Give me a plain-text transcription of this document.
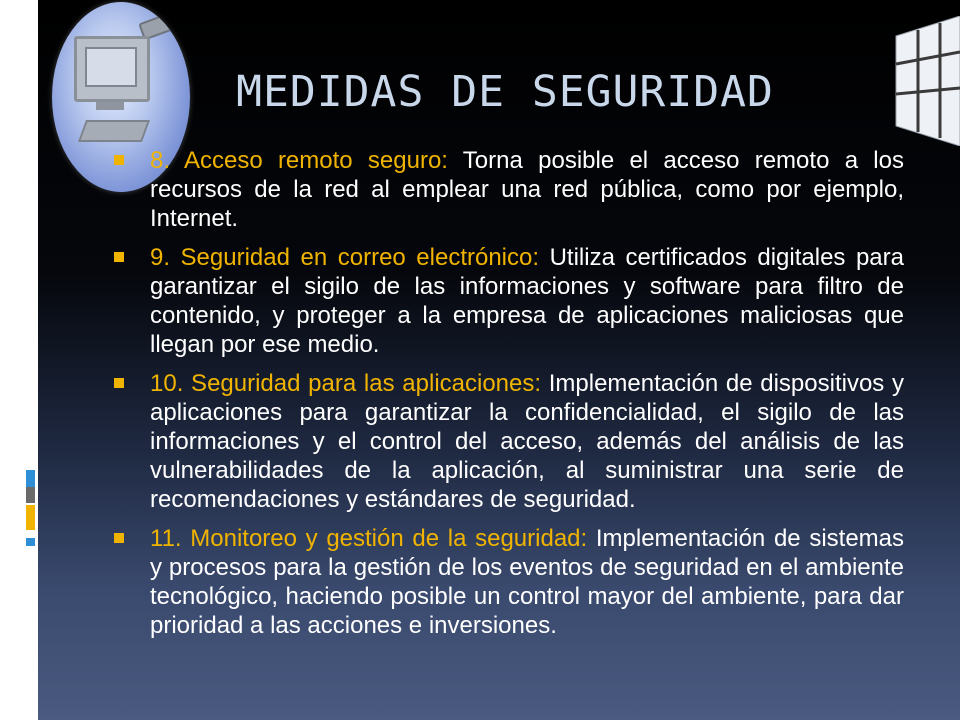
MEDIDAS DE SEGURIDAD
8. Acceso remoto seguro: Torna posible el acceso remoto a los recursos de la red al emplear una red pública, como por ejemplo, Internet.
9. Seguridad en correo electrónico: Utiliza certificados digitales para garantizar el sigilo de las informaciones y software para filtro de contenido, y proteger a la empresa de aplicaciones maliciosas que llegan por ese medio.
10. Seguridad para las aplicaciones: Implementación de dispositivos y aplicaciones para garantizar la confidencialidad, el sigilo de las informaciones y el control del acceso, además del análisis de las vulnerabilidades de la aplicación, al suministrar una serie de recomendaciones y estándares de seguridad.
11. Monitoreo y gestión de la seguridad: Implementación de sistemas y procesos para la gestión de los eventos de seguridad en el ambiente tecnológico, haciendo posible un control mayor del ambiente, para dar prioridad a las acciones e inversiones.
